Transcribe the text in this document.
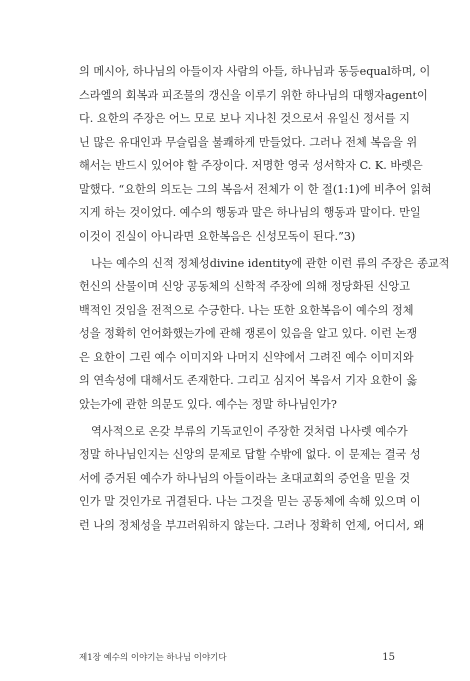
의 메시아, 하나님의 아들이자 사람의 아들, 하나님과 동등equal하며, 이
스라엘의 회복과 피조물의 갱신을 이루기 위한 하나님의 대행자agent이
다. 요한의 주장은 어느 모로 보나 지나친 것으로서 유일신 정서를 지
닌 많은 유대인과 무슬림을 불쾌하게 만들었다. 그러나 전체 복음을 위
해서는 반드시 있어야 할 주장이다. 저명한 영국 성서학자 C. K. 바렛은
말했다. “요한의 의도는 그의 복음서 전체가 이 한 절(1:1)에 비추어 읽혀
지게 하는 것이었다. 예수의 행동과 말은 하나님의 행동과 말이다. 만일
이것이 진실이 아니라면 요한복음은 신성모독이 된다.”3)
나는 예수의 신적 정체성divine identity에 관한 이런 류의 주장은 종교적
헌신의 산물이며 신앙 공동체의 신학적 주장에 의해 정당화된 신앙고
백적인 것임을 전적으로 수긍한다. 나는 또한 요한복음이 예수의 정체
성을 정확히 언어화했는가에 관해 쟁론이 있음을 알고 있다. 이런 논쟁
은 요한이 그린 예수 이미지와 나머지 신약에서 그려진 예수 이미지와
의 연속성에 대해서도 존재한다. 그리고 심지어 복음서 기자 요한이 옳
았는가에 관한 의문도 있다. 예수는 정말 하나님인가?
역사적으로 온갖 부류의 기독교인이 주장한 것처럼 나사렛 예수가
정말 하나님인지는 신앙의 문제로 답할 수밖에 없다. 이 문제는 결국 성
서에 증거된 예수가 하나님의 아들이라는 초대교회의 증언을 믿을 것
인가 말 것인가로 귀결된다. 나는 그것을 믿는 공동체에 속해 있으며 이
런 나의 정체성을 부끄러워하지 않는다. 그러나 정확히 언제, 어디서, 왜
제1장 예수의 이야기는 하나님 이야기다	15
